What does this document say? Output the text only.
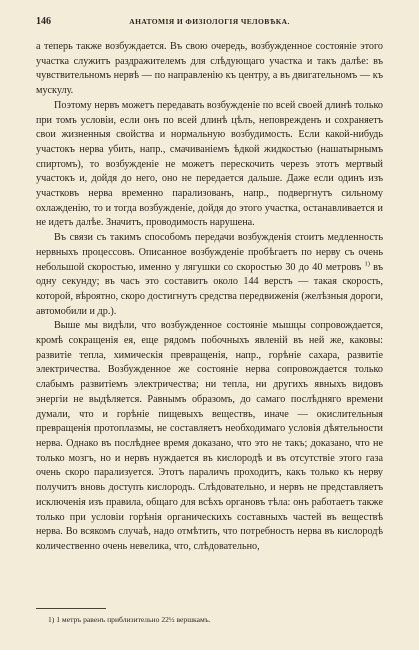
146	АНАТОМІЯ И ФИЗІОЛОГІЯ ЧЕЛОВѢКА.

а теперь также возбуждается. Въ свою очередь, возбужденное состояніе этого участка служитъ раздражителемъ для слѣдующаго участка и такъ далѣе: въ чувствительномъ нервѣ — по направленію къ центру, а въ двигательномъ — къ мускулу.

Поэтому нервъ можетъ передавать возбужденіе по всей своей длинѣ только при томъ условіи, если онъ по всей длинѣ цѣлъ, неповрежденъ и сохраняетъ свои жизненныя свойства и нормальную возбудимость. Если какой-нибудь участокъ нерва убить, напр., смачиваніемъ ѣдкой жидкостью (нашатырнымъ спиртомъ), то возбужденіе не можетъ перескочить черезъ этотъ мертвый участокъ и, дойдя до него, оно не передается дальше. Даже если одинъ изъ участковъ нерва временно парализованъ, напр., подвергнутъ сильному охлажденію, то и тогда возбужденіе, дойдя до этого участка, останавливается и не идетъ далѣе. Значитъ, проводимость нарушена.

Въ связи съ такимъ способомъ передачи возбужденія стоитъ медленность нервныхъ процессовъ. Описанное возбужденіе пробѣгаетъ по нерву съ очень небольшой скоростью, именно у лягушки со скоростью 30 до 40 метровъ $^{1)}$ въ одну секунду; въ часъ это составитъ около 144 верстъ — такая скорость, которой, вѣроятно, скоро достигнутъ средства передвиженія (желѣзныя дороги, автомобили и др.).

Выше мы видѣли, что возбужденное состояніе мышцы сопровождается, кромѣ сокращенія ея, еще рядомъ побочныхъ явленій въ ней же, каковы: развитіе тепла, химическія превращенія, напр., горѣніе сахара, развитіе электричества. Возбужденное же состояніе нерва сопровождается только слабымъ развитіемъ электричества; ни тепла, ни другихъ явныхъ видовъ энергіи не выдѣляется. Равнымъ образомъ, до самаго послѣдняго времени думали, что и горѣніе пищевыхъ веществъ, иначе — окислительныя превращенія протоплазмы, не составляетъ необходимаго условія дѣятельности нерва. Однако въ послѣднее время доказано, что это не такъ; доказано, что не только мозгъ, но и нервъ нуждается въ кислородѣ и въ отсутствіе этого газа очень скоро парализуется. Этотъ параличъ проходитъ, какъ только къ нерву получитъ вновь доступъ кислородъ. Слѣдовательно, и нервъ не представляетъ исключенія изъ правила, общаго для всѣхъ органовъ тѣла: онъ работаетъ также только при условіи горѣнія органическихъ составныхъ частей въ веществѣ нерва. Во всякомъ случаѣ, надо отмѣтить, что потребность нерва въ кислородѣ количественно очень невелика, что, слѣдовательно,

1) 1 метръ равенъ приблизительно 22½ вершкамъ.
